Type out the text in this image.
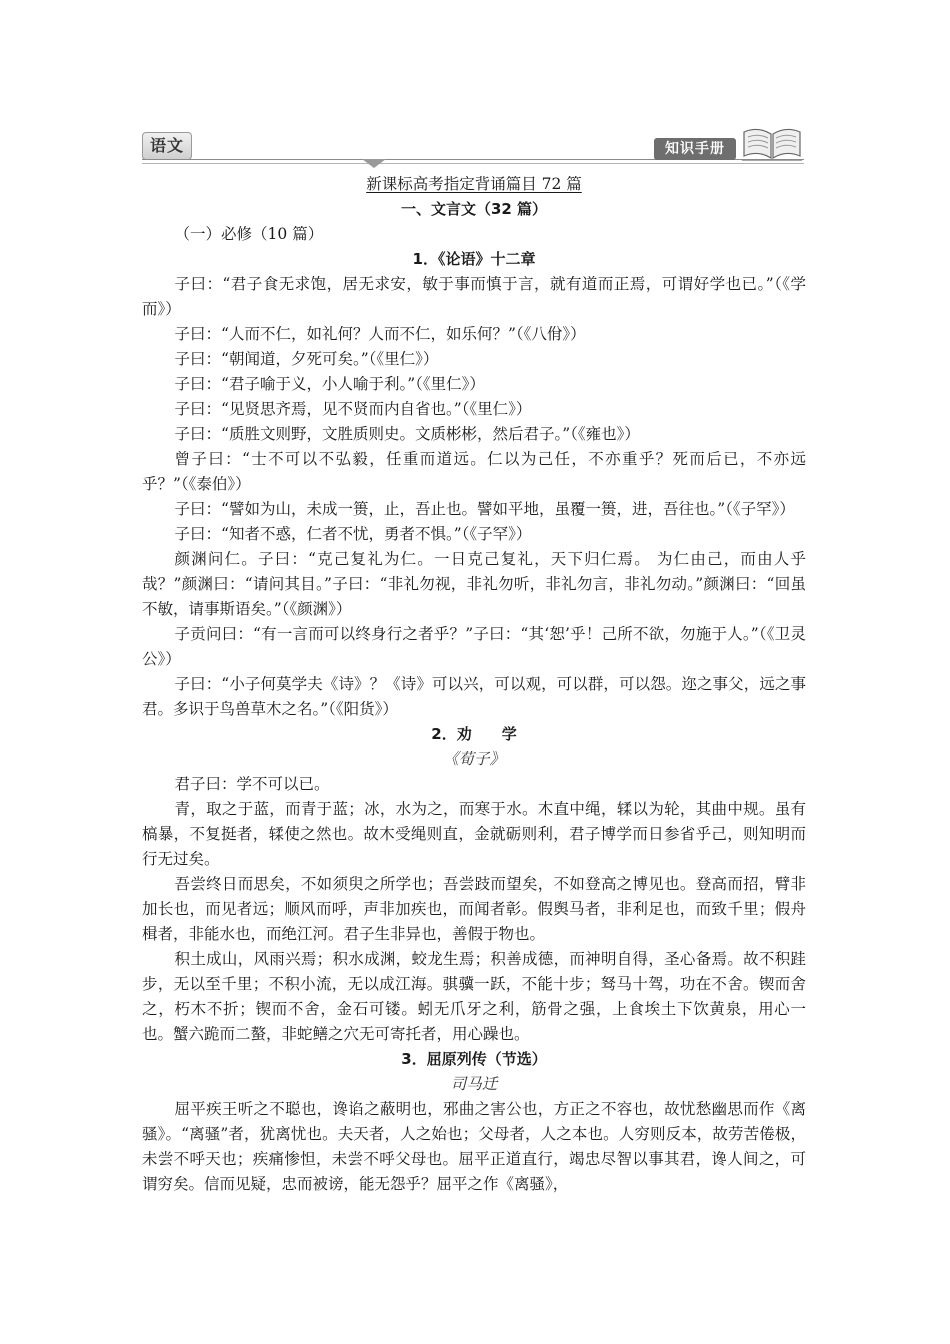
语文	知识手册

新课标高考指定背诵篇目 72 篇

一、文言文（32 篇）

（一）必修（10 篇）

1．《论语》十二章

子曰：“君子食无求饱，居无求安，敏于事而慎于言，就有道而正焉，可谓好学也已。”（《学而》）

子曰：“人而不仁，如礼何？人而不仁，如乐何？”（《八佾》）

子曰：“朝闻道，夕死可矣。”（《里仁》）

子曰：“君子喻于义，小人喻于利。”（《里仁》）

子曰：“见贤思齐焉，见不贤而内自省也。”（《里仁》）

子曰：“质胜文则野，文胜质则史。文质彬彬，然后君子。”（《雍也》）

曾子曰：“士不可以不弘毅，任重而道远。仁以为己任，不亦重乎？死而后已，不亦远乎？”（《泰伯》）

子曰：“譬如为山，未成一篑，止，吾止也。譬如平地，虽覆一篑，进，吾往也。”（《子罕》）

子曰：“知者不惑，仁者不忧，勇者不惧。”（《子罕》）

颜渊问仁。子曰：“克己复礼为仁。一日克己复礼，天下归仁焉。 为仁由己，而由人乎哉？”颜渊曰：“请问其目。”子曰：“非礼勿视，非礼勿听，非礼勿言，非礼勿动。”颜渊曰：“回虽不敏，请事斯语矣。”（《颜渊》）

子贡问曰：“有一言而可以终身行之者乎？”子曰：“其‘恕’乎！己所不欲，勿施于人。”（《卫灵公》）

子曰：“小子何莫学夫《诗》？《诗》可以兴，可以观，可以群，可以怨。迩之事父，远之事君。多识于鸟兽草木之名。”（《阳货》）

2．劝　　学

《荀子》

君子曰：学不可以已。

青，取之于蓝，而青于蓝；冰，水为之，而寒于水。木直中绳，𫐓以为轮，其曲中规。虽有槁暴，不复挺者，𫐓使之然也。故木受绳则直，金就砺则利，君子博学而日参省乎己，则知明而行无过矣。

吾尝终日而思矣，不如须臾之所学也；吾尝跂而望矣，不如登高之博见也。登高而招，臂非加长也，而见者远；顺风而呼，声非加疾也，而闻者彰。假舆马者，非利足也，而致千里；假舟楫者，非能水也，而绝江河。君子生非异也，善假于物也。

积土成山，风雨兴焉；积水成渊，蛟龙生焉；积善成德，而神明自得，圣心备焉。故不积跬步，无以至千里；不积小流，无以成江海。骐骥一跃，不能十步；驽马十驾，功在不舍。锲而舍之，朽木不折；锲而不舍，金石可镂。蚓无爪牙之利，筋骨之强，上食埃土下饮黄泉，用心一也。蟹六跪而二螯，非蛇鳝之穴无可寄托者，用心躁也。

3．屈原列传（节选）

司马迁

屈平疾王听之不聪也，谗谄之蔽明也，邪曲之害公也，方正之不容也，故忧愁幽思而作《离骚》。“离骚”者，犹离忧也。夫天者，人之始也；父母者，人之本也。人穷则反本，故劳苦倦极，未尝不呼天也；疾痛惨怛，未尝不呼父母也。屈平正道直行，竭忠尽智以事其君，谗人间之，可谓穷矣。信而见疑，忠而被谤，能无怨乎？屈平之作《离骚》，
